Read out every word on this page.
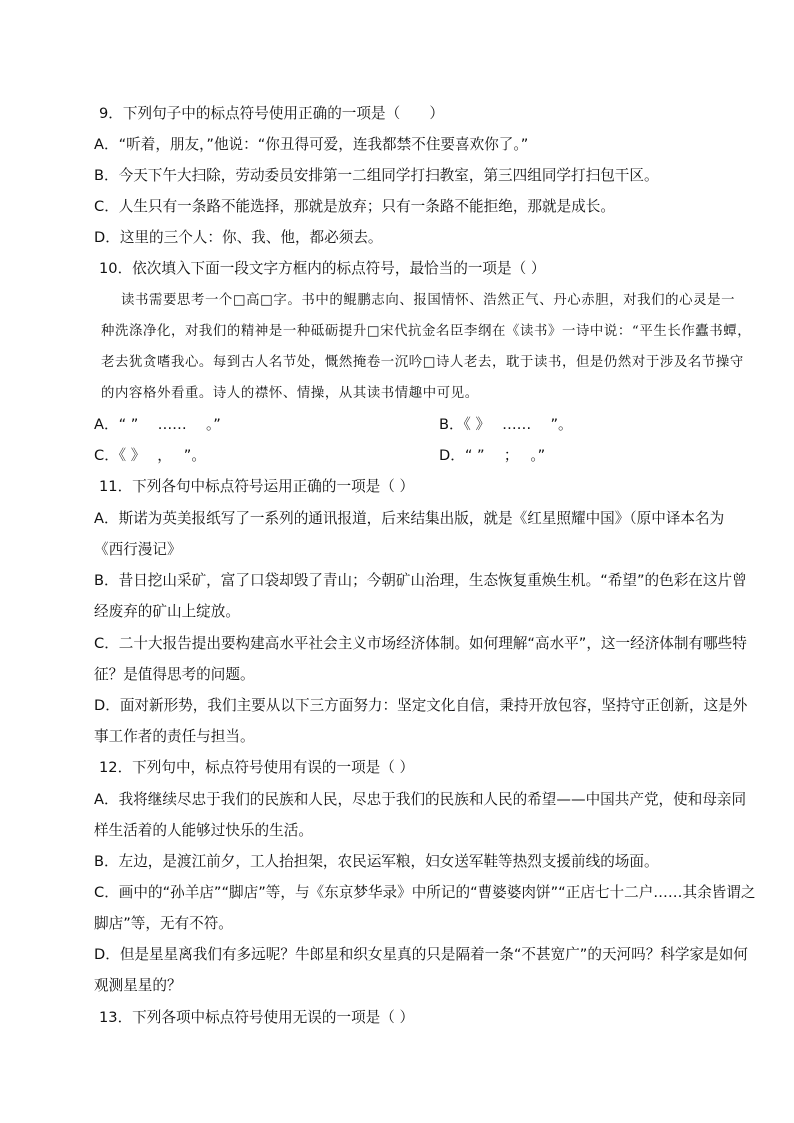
9．下列句子中的标点符号使用正确的一项是（　　）
A．“听着，朋友，”他说：“你丑得可爱，连我都禁不住要喜欢你了。”
B．今天下午大扫除，劳动委员安排第一二组同学打扫教室，第三四组同学打扫包干区。
C．人生只有一条路不能选择，那就是放弃；只有一条路不能拒绝，那就是成长。
D．这里的三个人：你、我、他，都必须去。
10．依次填入下面一段文字方框内的标点符号，最恰当的一项是（ ）
读书需要思考一个□高□字。书中的鲲鹏志向、报国情怀、浩然正气、丹心赤胆，对我们的心灵是一
种洗涤净化，对我们的精神是一种砥砺提升□宋代抗金名臣李纲在《读书》一诗中说：“平生长作蠹书蟫，
老去犹贪嗜我心。每到古人名节处，慨然掩卷一沉吟□诗人老去，耽于读书，但是仍然对于涉及名节操守
的内容格外看重。诗人的襟怀、情操，从其读书情趣中可见。
A．“ ”　 ……　 。”	B．《 》　 ……　 ”。
C．《 》　 ，　 ”。	D．“ ”　 ；　 。”
11．下列各句中标点符号运用正确的一项是（ ）
A．斯诺为英美报纸写了一系列的通讯报道，后来结集出版，就是《红星照耀中国》（原中译本名为
《西行漫记》
B．昔日挖山采矿，富了口袋却毁了青山；今朝矿山治理，生态恢复重焕生机。“希望”的色彩在这片曾
经废弃的矿山上绽放。
C．二十大报告提出要构建高水平社会主义市场经济体制。如何理解“高水平”，这一经济体制有哪些特
征？是值得思考的问题。
D．面对新形势，我们主要从以下三方面努力：坚定文化自信，秉持开放包容，坚持守正创新，这是外
事工作者的责任与担当。
12．下列句中，标点符号使用有误的一项是（ ）
A．我将继续尽忠于我们的民族和人民，尽忠于我们的民族和人民的希望——中国共产党，使和母亲同
样生活着的人能够过快乐的生活。
B．左边，是渡江前夕，工人抬担架，农民运军粮，妇女送军鞋等热烈支援前线的场面。
C．画中的“孙羊店”“脚店”等，与《东京梦华录》中所记的“曹婆婆肉饼”“正店七十二户……其余皆谓之
脚店”等，无有不符。
D．但是星星离我们有多远呢？牛郎星和织女星真的只是隔着一条“不甚宽广”的天河吗？科学家是如何
观测星星的？
13．下列各项中标点符号使用无误的一项是（ ）
